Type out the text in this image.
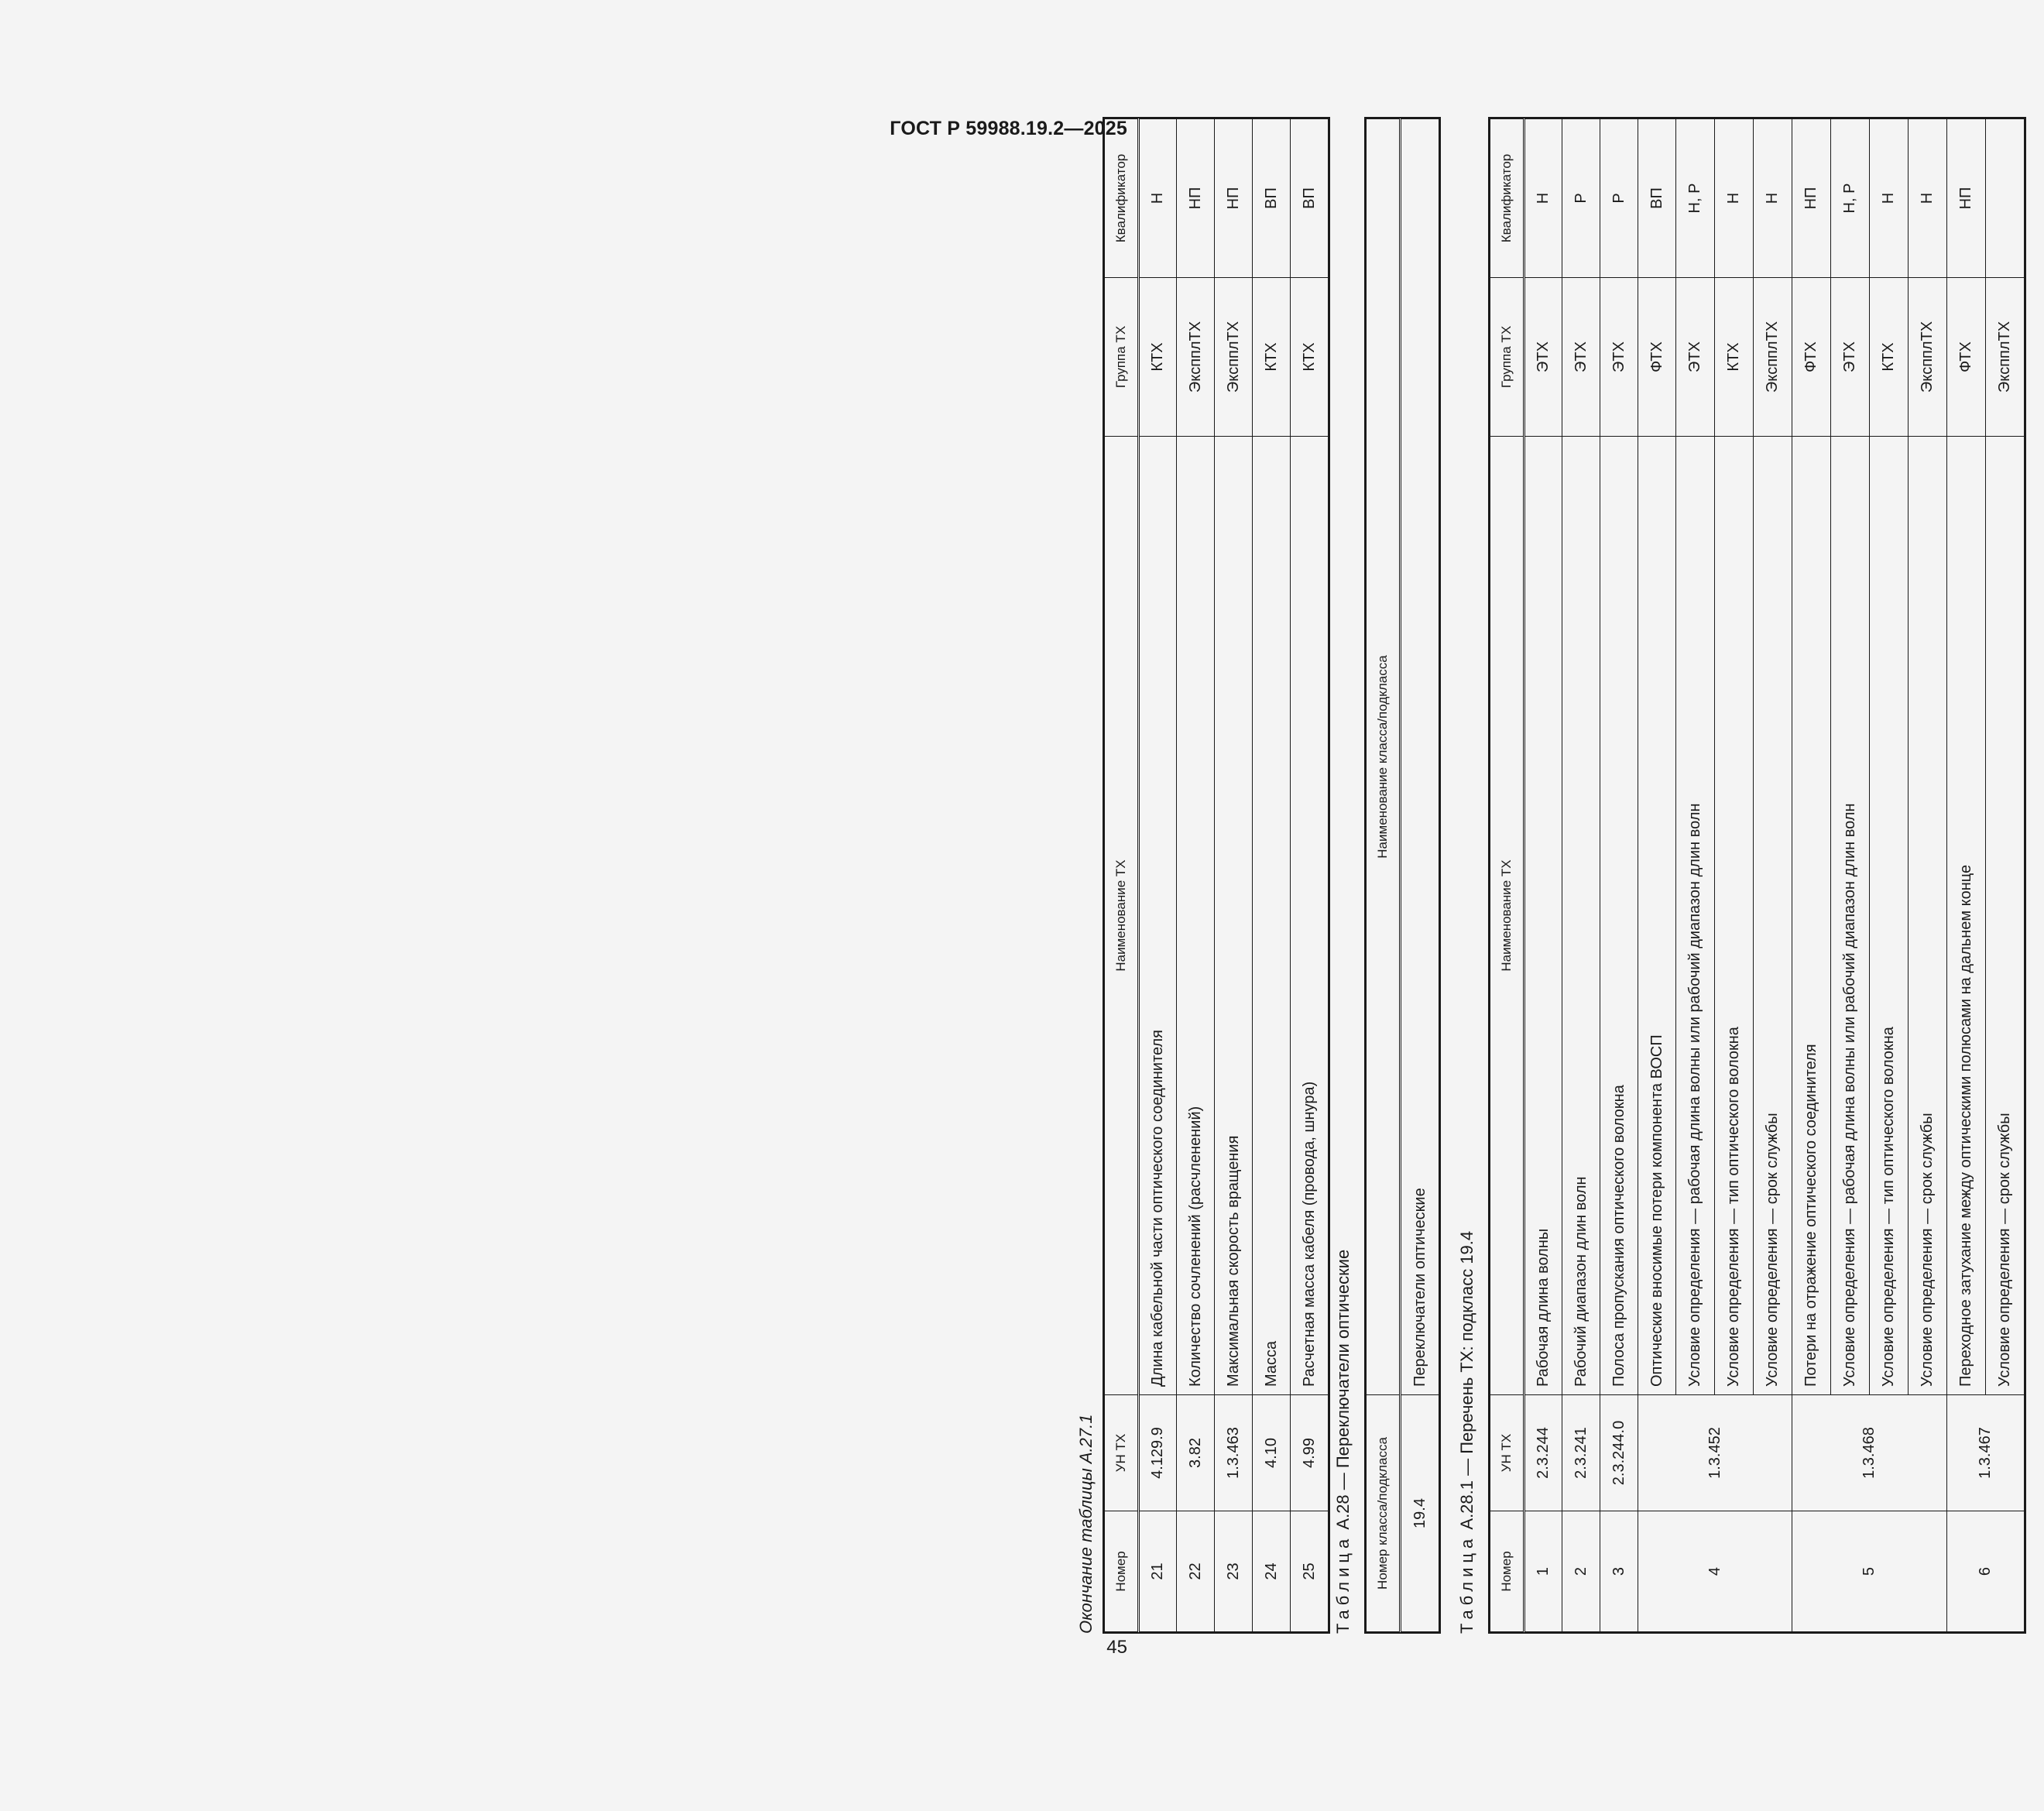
ГОСТ Р 59988.19.2—2025
45
Окончание таблицы А.27.1 Номер	УН ТХ	Наименование ТХ	Группа ТХ	Квалификатор
21	4.129.9	Длина кабельной части оптического соединителя	КТХ	Н
22	3.82	Количество сочленений (расчленений)	ЭкспплТХ	НП
23	1.3.463	Максимальная скорость вращения	ЭкспплТХ	НП
24	4.10	Масса	КТХ	ВП
25	4.99	Расчетная масса кабеля (провода, шнура)	КТХ	ВП
Таблица А.28 — Переключатели оптические Номер класса/подкласса	Наименование класса/подкласса
19.4	Переключатели оптические
Таблица А.28.1 — Перечень ТХ: подкласс 19.4
Номер	УН ТХ	Наименование ТХ	Группа ТХ	Квалификатор
1	2.3.244	Рабочая длина волны	ЭТХ	Н
2	2.3.241	Рабочий диапазон длин волн	ЭТХ	Р
3	2.3.244.0	Полоса пропускания оптического волокна	ЭТХ	Р
4	1.3.452	Оптические вносимые потери компонента ВОСП	ФТХ	ВП
		Условие определения — рабочая длина волны или рабочий диапазон длин волн	ЭТХ	Н, Р
		Условие определения — тип оптического волокна	КТХ	Н
		Условие определения — срок службы	ЭкспплТХ	Н
5	1.3.468	Потери на отражение оптического соединителя	ФТХ	НП
		Условие определения — рабочая длина волны или рабочий диапазон длин волн	ЭТХ	Н, Р
		Условие определения — тип оптического волокна	КТХ	Н
		Условие определения — срок службы	ЭкспплТХ	Н
6	1.3.467	Переходное затухание между оптическими полюсами на дальнем конце	ФТХ	НП
		Условие определения — срок службы	ЭкспплТХ	
